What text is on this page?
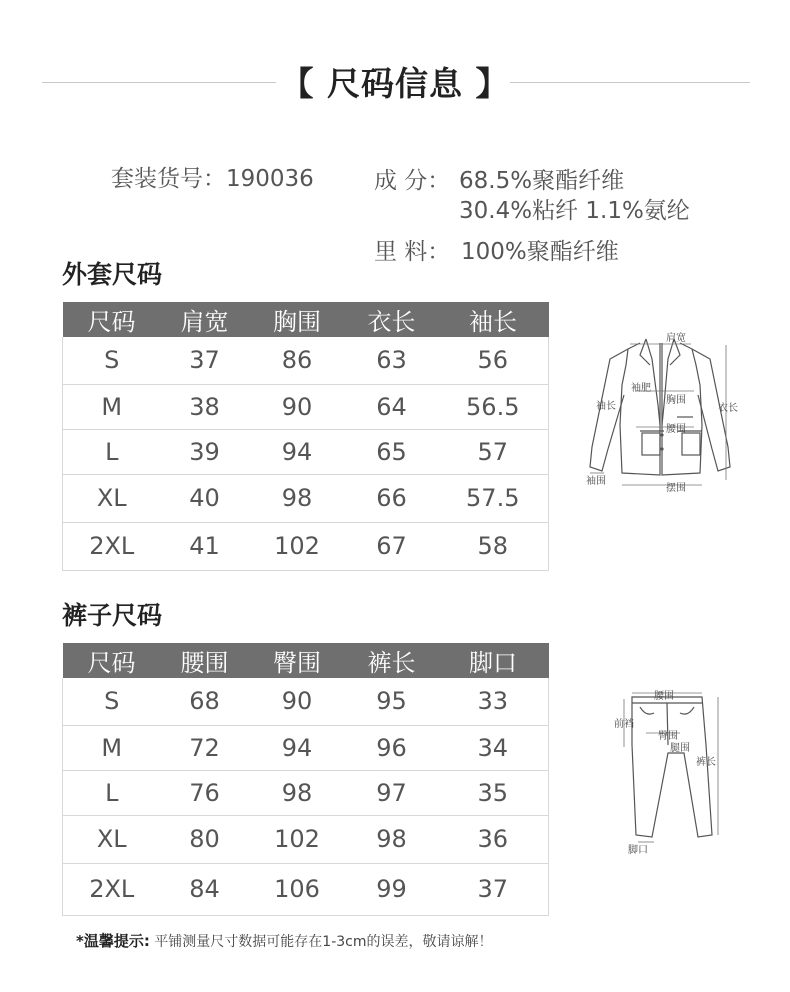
【 尺码信息 】
套装货号：190036	成 分： 68.5%聚酯纤维
30.4%粘纤 1.1%氨纶
里 料： 100%聚酯纤维
外套尺码
尺码	肩宽	胸围	衣长	袖长
S	37	86	63	56
M	38	90	64	56.5
L	39	94	65	57
XL	40	98	66	57.5
2XL	41	102	67	58
肩宽
袖肥
胸围
袖长	衣长
腰围
袖围
摆围
裤子尺码
尺码	腰围	臀围	裤长	脚口
S	68	90	95	33
M	72	94	96	34
L	76	98	97	35
XL	80	102	98	36
2XL	84	106	99	37
腰围
前裆
臀围
腿围
裤长
脚口
*温馨提示: 平铺测量尺寸数据可能存在1-3cm的误差，敬请谅解！
